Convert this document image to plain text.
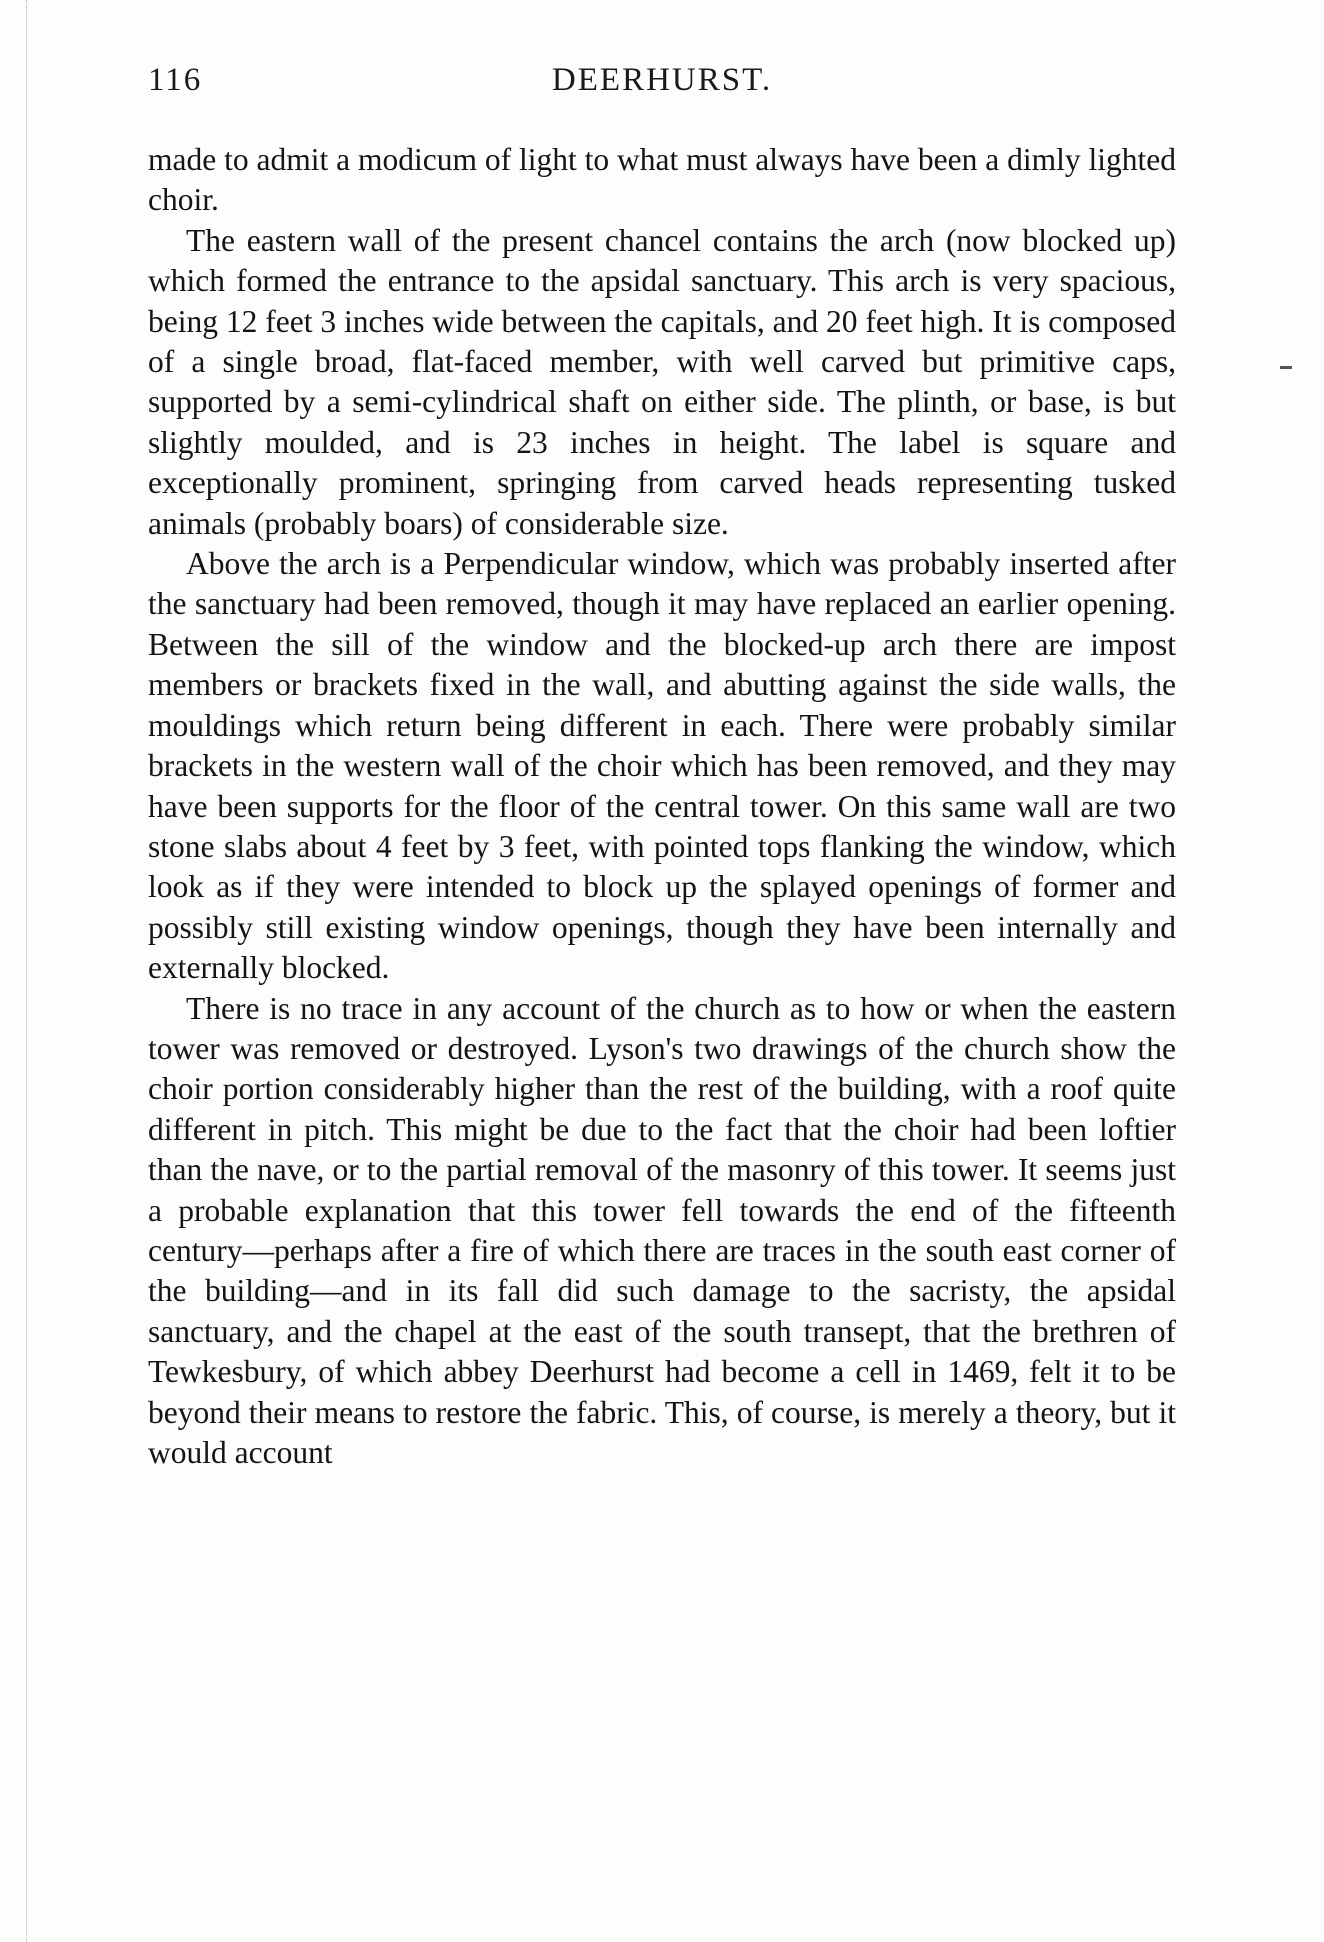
116	DEERHURST.

made to admit a modicum of light to what must always have been a dimly lighted choir.

The eastern wall of the present chancel contains the arch (now blocked up) which formed the entrance to the apsidal sanctuary. This arch is very spacious, being 12 feet 3 inches wide between the capitals, and 20 feet high. It is composed of a single broad, flat-faced member, with well carved but primitive caps, supported by a semi-cylindrical shaft on either side. The plinth, or base, is but slightly moulded, and is 23 inches in height. The label is square and exceptionally prominent, springing from carved heads representing tusked animals (probably boars) of considerable size.

Above the arch is a Perpendicular window, which was probably inserted after the sanctuary had been removed, though it may have replaced an earlier opening. Between the sill of the window and the blocked-up arch there are impost members or brackets fixed in the wall, and abutting against the side walls, the mouldings which return being different in each. There were probably similar brackets in the western wall of the choir which has been removed, and they may have been supports for the floor of the central tower. On this same wall are two stone slabs about 4 feet by 3 feet, with pointed tops flanking the window, which look as if they were intended to block up the splayed openings of former and possibly still existing window openings, though they have been internally and externally blocked.

There is no trace in any account of the church as to how or when the eastern tower was removed or destroyed. Lyson's two drawings of the church show the choir portion considerably higher than the rest of the building, with a roof quite different in pitch. This might be due to the fact that the choir had been loftier than the nave, or to the partial removal of the masonry of this tower. It seems just a probable explanation that this tower fell towards the end of the fifteenth century—perhaps after a fire of which there are traces in the south east corner of the building—and in its fall did such damage to the sacristy, the apsidal sanctuary, and the chapel at the east of the south transept, that the brethren of Tewkesbury, of which abbey Deerhurst had become a cell in 1469, felt it to be beyond their means to restore the fabric. This, of course, is merely a theory, but it would account
